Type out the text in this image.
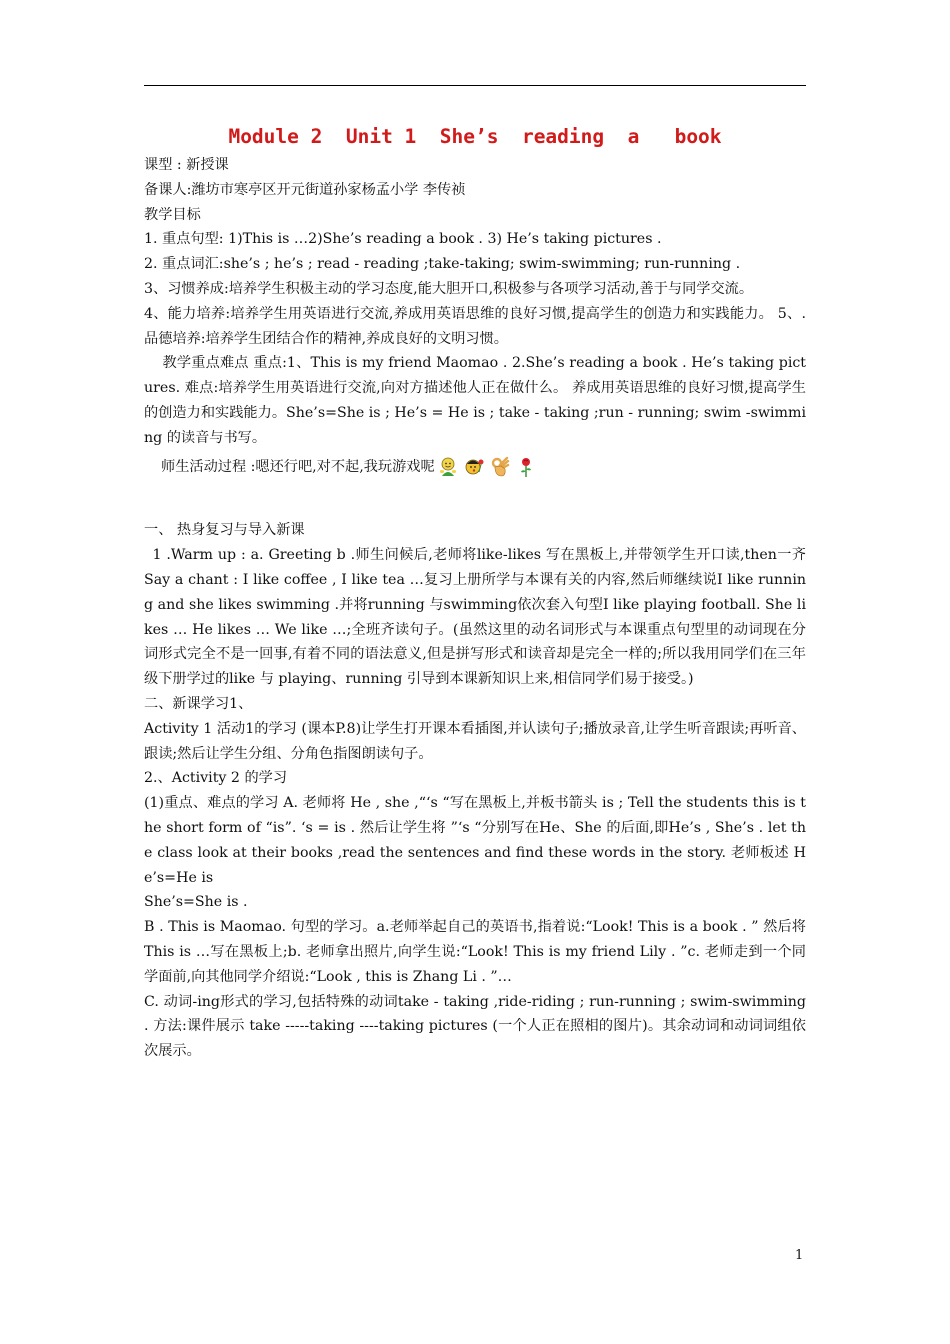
Module 2  Unit 1  She’s  reading  a   book

课型 : 新授课

备课人:潍坊市寒亭区开元街道孙家杨孟小学 李传祯

教学目标

1. 重点句型: 1)This is …2)She’s reading a book . 3) He’s taking pictures .

2. 重点词汇:she’s ; he’s ; read - reading ;take-taking; swim-swimming; run-running .

3、习惯养成:培养学生积极主动的学习态度,能大胆开口,积极参与各项学习活动,善于与同学交流。

4、能力培养:培养学生用英语进行交流,养成用英语思维的良好习惯,提高学生的创造力和实践能力。 5、. 品德培养:培养学生团结合作的精神,养成良好的文明习惯。

教学重点难点 重点:1、This is my friend Maomao . 2.She’s reading a book . He’s taking pictures. 难点:培养学生用英语进行交流,向对方描述他人正在做什么。 养成用英语思维的良好习惯,提高学生的创造力和实践能力。She’s=She is ; He’s = He is ; take - taking ;run - running; swim -swimming 的读音与书写。

师生活动过程 :嗯还行吧,对不起,我玩游戏呢

一、 热身复习与导入新课

1 .Warm up : a. Greeting b .师生问候后,老师将like-likes 写在黑板上,并带领学生开口读,then一齐 Say a chant : I like coffee , I like tea …复习上册所学与本课有关的内容,然后师继续说I like running and she likes swimming .并将running 与swimming依次套入句型I like playing football. She likes … He likes … We like …;全班齐读句子。(虽然这里的动名词形式与本课重点句型里的动词现在分词形式完全不是一回事,有着不同的语法意义,但是拼写形式和读音却是完全一样的;所以我用同学们在三年级下册学过的like 与 playing、running 引导到本课新知识上来,相信同学们易于接受。)

二、新课学习1、

Activity 1 活动1的学习 (课本P.8)让学生打开课本看插图,并认读句子;播放录音,让学生听音跟读;再听音、跟读;然后让学生分组、分角色指图朗读句子。

2.、Activity 2 的学习

(1)重点、难点的学习 A. 老师将 He , she ,“‘s “写在黑板上,并板书箭头 is ; Tell the students this is the short form of “is”. ‘s = is . 然后让学生将 ”‘s “分别写在He、She 的后面,即He’s , She’s . let the class look at their books ,read the sentences and find these words in the story. 老师板述 He’s=He is

She’s=She is .

B . This is Maomao. 句型的学习。a.老师举起自己的英语书,指着说:“Look! This is a book . ” 然后将This is …写在黑板上;b. 老师拿出照片,向学生说:“Look! This is my friend Lily . ”c. 老师走到一个同学面前,向其他同学介绍说:“Look , this is Zhang Li . ”…

C. 动词-ing形式的学习,包括特殊的动词take - taking ,ride-riding ; run-running ; swim-swimming . 方法:课件展示 take -----taking ----taking pictures (一个人正在照相的图片)。其余动词和动词词组依次展示。

1
